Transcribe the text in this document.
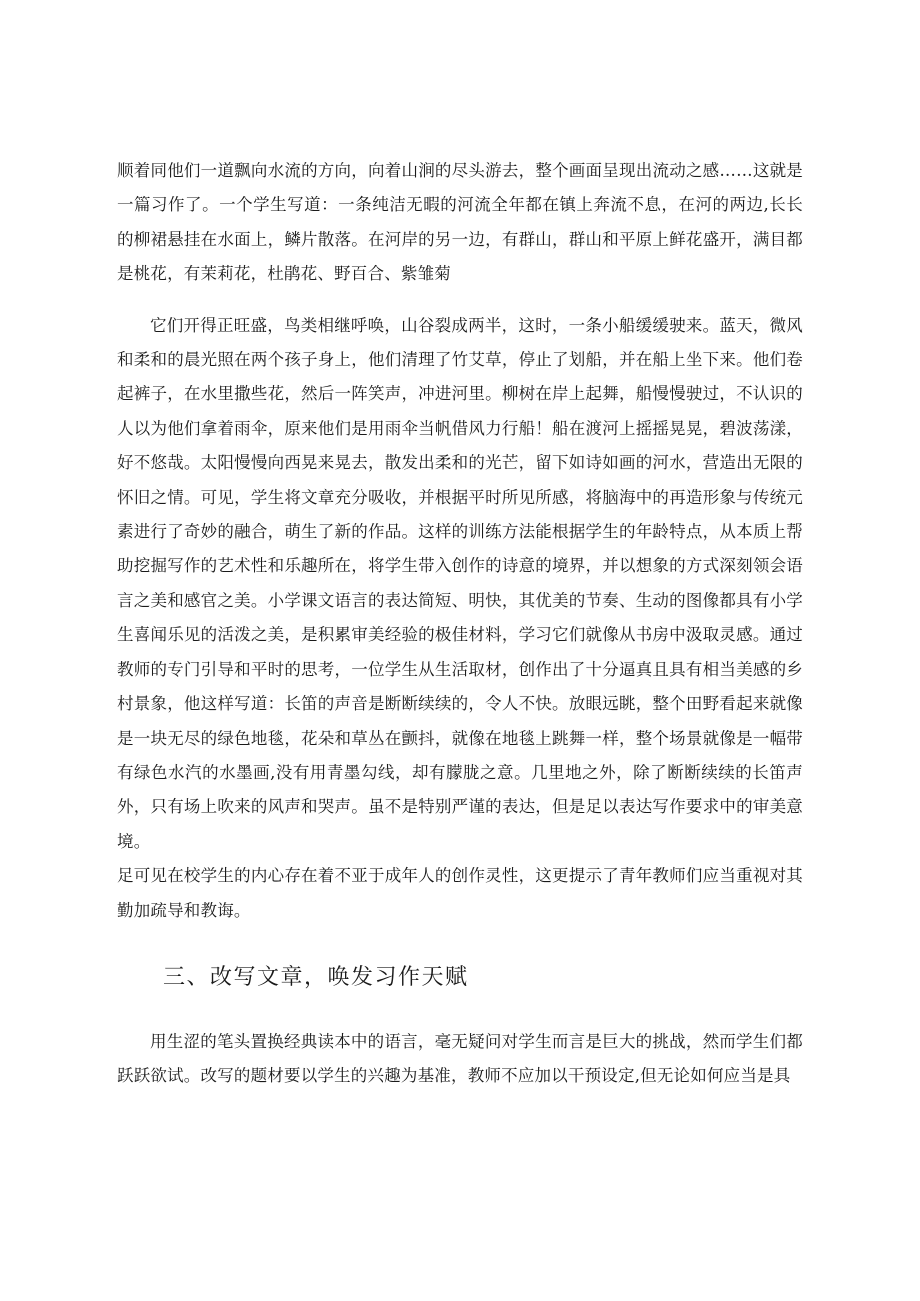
顺着同他们一道飘向水流的方向，向着山涧的尽头游去，整个画面呈现出流动之感……这就是一篇习作了。一个学生写道：一条纯洁无暇的河流全年都在镇上奔流不息，在河的两边,长长的柳裙悬挂在水面上，鳞片散落。在河岸的另一边，有群山，群山和平原上鲜花盛开，满目都是桃花，有茉莉花，杜鹃花、野百合、紫雏菊

它们开得正旺盛，鸟类相继呼唤，山谷裂成两半，这时，一条小船缓缓驶来。蓝天，微风和柔和的晨光照在两个孩子身上，他们清理了竹艾草，停止了划船，并在船上坐下来。他们卷起裤子，在水里撒些花，然后一阵笑声，冲进河里。柳树在岸上起舞，船慢慢驶过，不认识的人以为他们拿着雨伞，原来他们是用雨伞当帆借风力行船！船在渡河上摇摇晃晃，碧波荡漾，好不悠哉。太阳慢慢向西晃来晃去，散发出柔和的光芒，留下如诗如画的河水，营造出无限的怀旧之情。可见，学生将文章充分吸收，并根据平时所见所感，将脑海中的再造形象与传统元素进行了奇妙的融合，萌生了新的作品。这样的训练方法能根据学生的年龄特点，从本质上帮助挖掘写作的艺术性和乐趣所在，将学生带入创作的诗意的境界，并以想象的方式深刻领会语言之美和感官之美。小学课文语言的表达简短、明快，其优美的节奏、生动的图像都具有小学生喜闻乐见的活泼之美，是积累审美经验的极佳材料，学习它们就像从书房中汲取灵感。通过教师的专门引导和平时的思考，一位学生从生活取材，创作出了十分逼真且具有相当美感的乡村景象，他这样写道：长笛的声音是断断续续的，令人不快。放眼远眺，整个田野看起来就像是一块无尽的绿色地毯，花朵和草丛在颤抖，就像在地毯上跳舞一样，整个场景就像是一幅带有绿色水汽的水墨画,没有用青墨勾线，却有朦胧之意。几里地之外，除了断断续续的长笛声外，只有场上吹来的风声和哭声。虽不是特别严谨的表达，但是足以表达写作要求中的审美意境。

足可见在校学生的内心存在着不亚于成年人的创作灵性，这更提示了青年教师们应当重视对其勤加疏导和教诲。

三、改写文章，唤发习作天赋

用生涩的笔头置换经典读本中的语言，毫无疑问对学生而言是巨大的挑战，然而学生们都跃跃欲试。改写的题材要以学生的兴趣为基准，教师不应加以干预设定,但无论如何应当是具
